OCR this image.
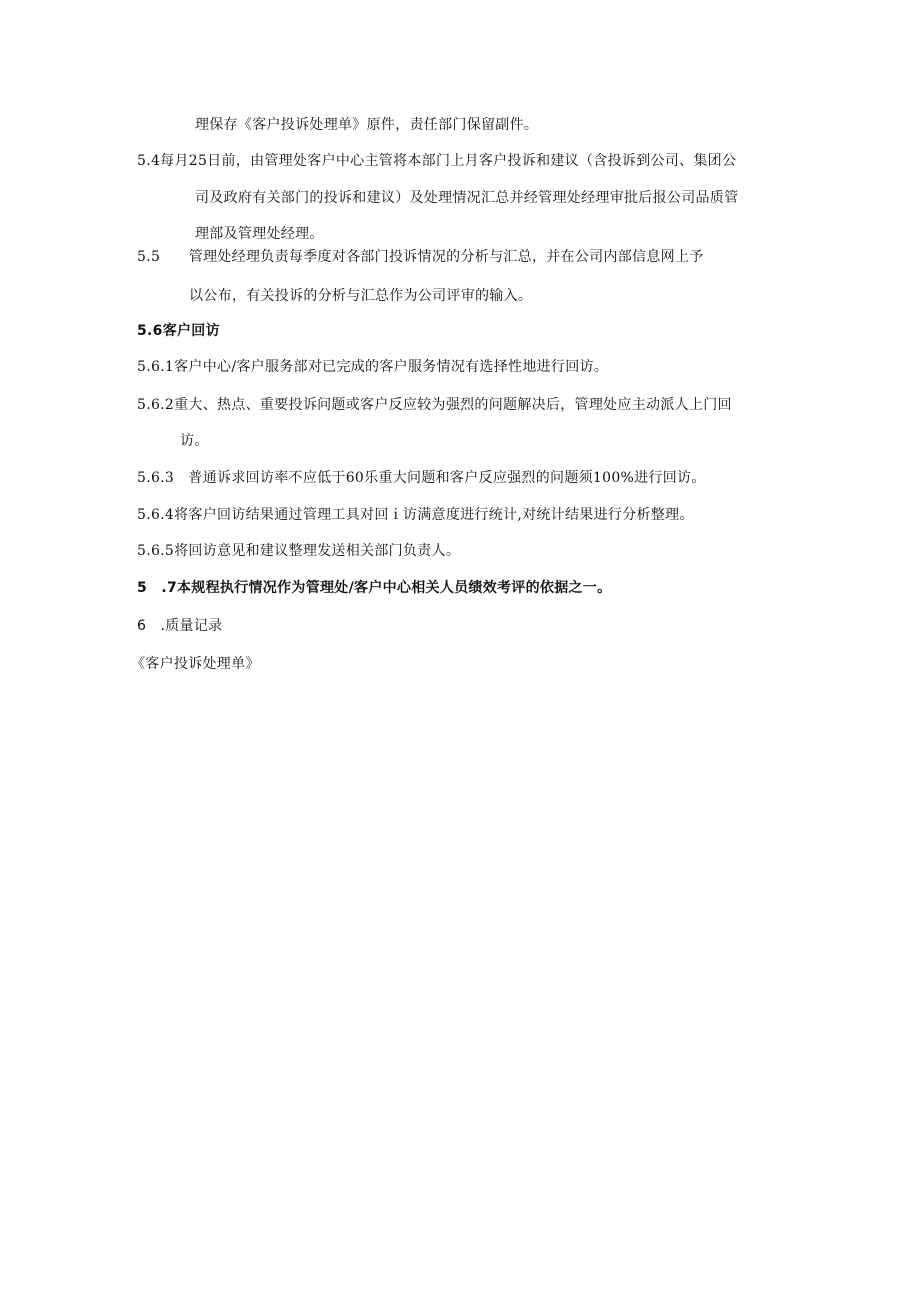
理保存《客户投诉处理单》原件，责任部门保留副件。
5.4每月25日前，由管理处客户中心主管将本部门上月客户投诉和建议（含投诉到公司、集团公
司及政府有关部门的投诉和建议）及处理情况汇总并经管理处经理审批后报公司品质管
理部及管理处经理。
5.5　　管理处经理负责每季度对各部门投诉情况的分析与汇总，并在公司内部信息网上予
以公布，有关投诉的分析与汇总作为公司评审的输入。
5.6客户回访
5.6.1客户中心/客户服务部对已完成的客户服务情况有选择性地进行回访。
5.6.2重大、热点、重要投诉问题或客户反应较为强烈的问题解决后，管理处应主动派人上门回
访。
5.6.3　普通诉求回访率不应低于60乐重大问题和客户反应强烈的问题须100%进行回访。
5.6.4将客户回访结果通过管理工具对回ｉ访满意度进行统计,对统计结果进行分析整理。
5.6.5将回访意见和建议整理发送相关部门负责人。
5　.7本规程执行情况作为管理处/客户中心相关人员绩效考评的依据之一。
6　.质量记录
《客户投诉处理单》
